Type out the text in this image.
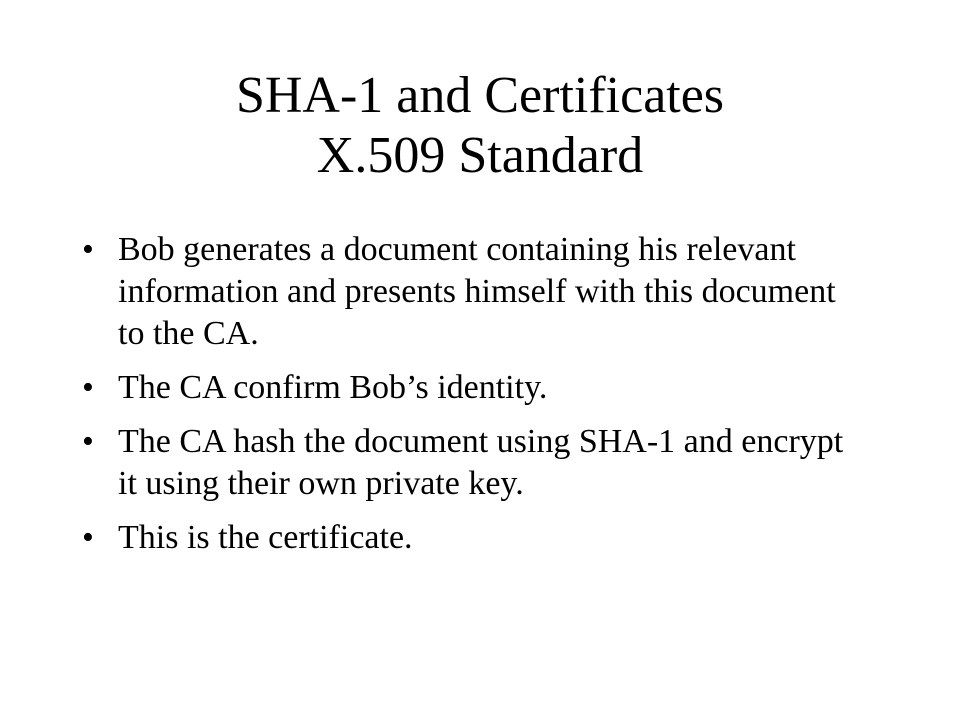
SHA-1 and Certificates
X.509 Standard
• Bob generates a document containing his relevant information and presents himself with this document to the CA.
• The CA confirm Bob’s identity.
• The CA hash the document using SHA-1 and encrypt it using their own private key.
• This is the certificate.
